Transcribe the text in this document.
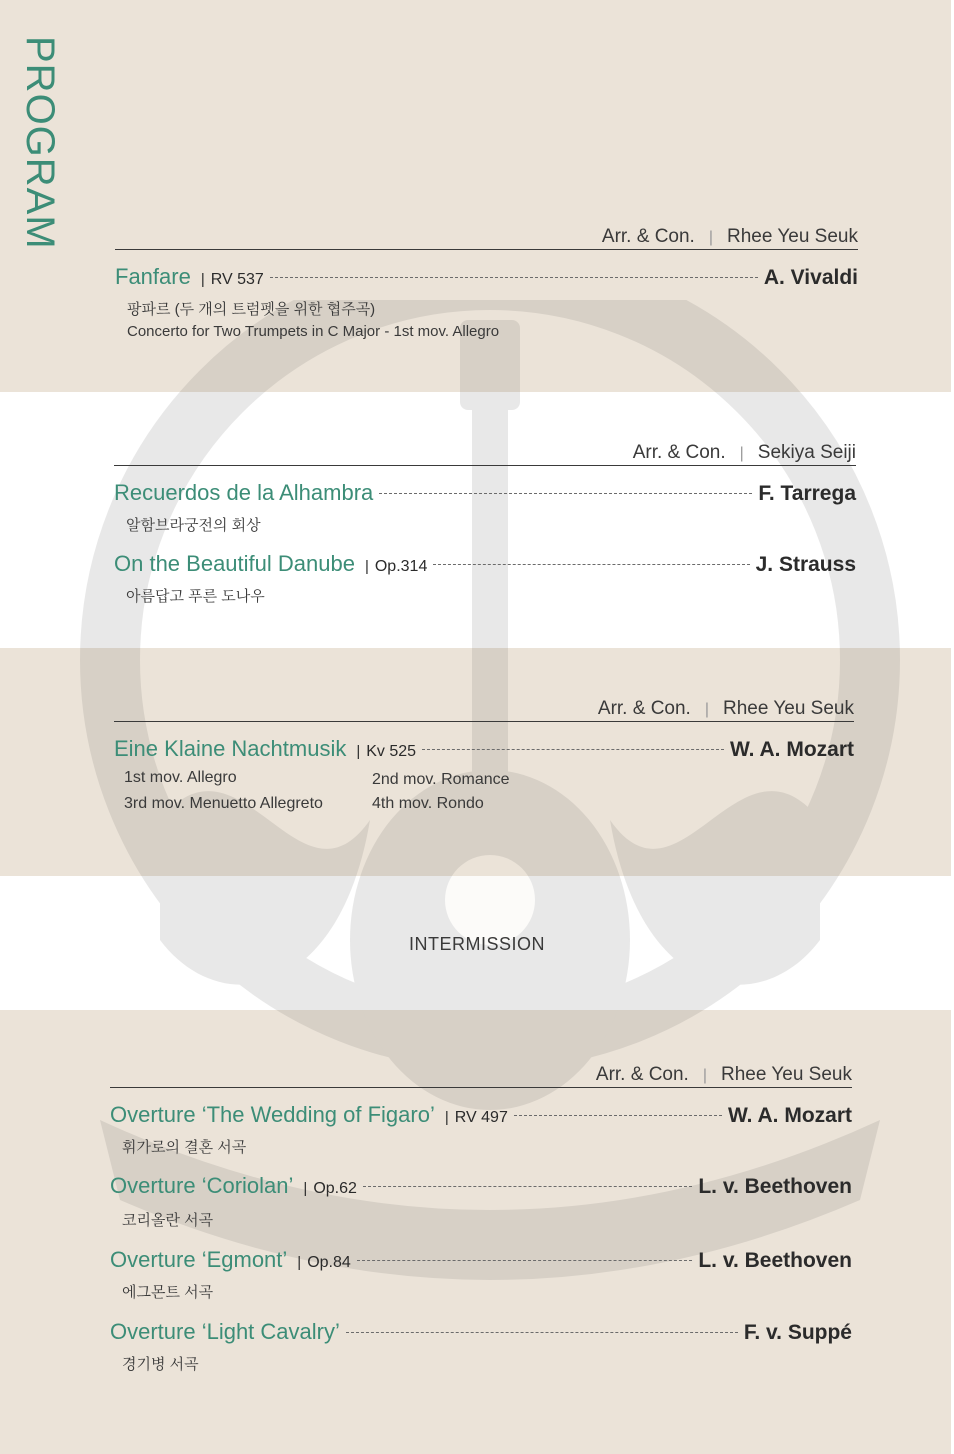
PROGRAM	Arr. & Con. | Rhee Yeu Seuk
Fanfare | RV 537	A. Vivaldi
팡파르 (두 개의 트럼펫을 위한 협주곡)
Concerto for Two Trumpets in C Major - 1st mov. Allegro
Arr. & Con. | Sekiya Seiji
Recuerdos de la Alhambra	F. Tarrega
알함브라궁전의 회상
On the Beautiful Danube | Op.314	J. Strauss
아름답고 푸른 도나우
Arr. & Con. | Rhee Yeu Seuk
Eine Klaine Nachtmusik | Kv 525	W. A. Mozart
1st mov. Allegro	2nd mov. Romance
3rd mov. Menuetto Allegreto	4th mov. Rondo
INTERMISSION
Arr. & Con. | Rhee Yeu Seuk
Overture ‘The Wedding of Figaro’ | RV 497	W. A. Mozart
휘가로의 결혼 서곡
Overture ‘Coriolan’ | Op.62	L. v. Beethoven
코리올란 서곡
Overture ‘Egmont’ | Op.84	L. v. Beethoven
에그몬트 서곡
Overture ‘Light Cavalry’	F. v. Suppé
경기병 서곡
